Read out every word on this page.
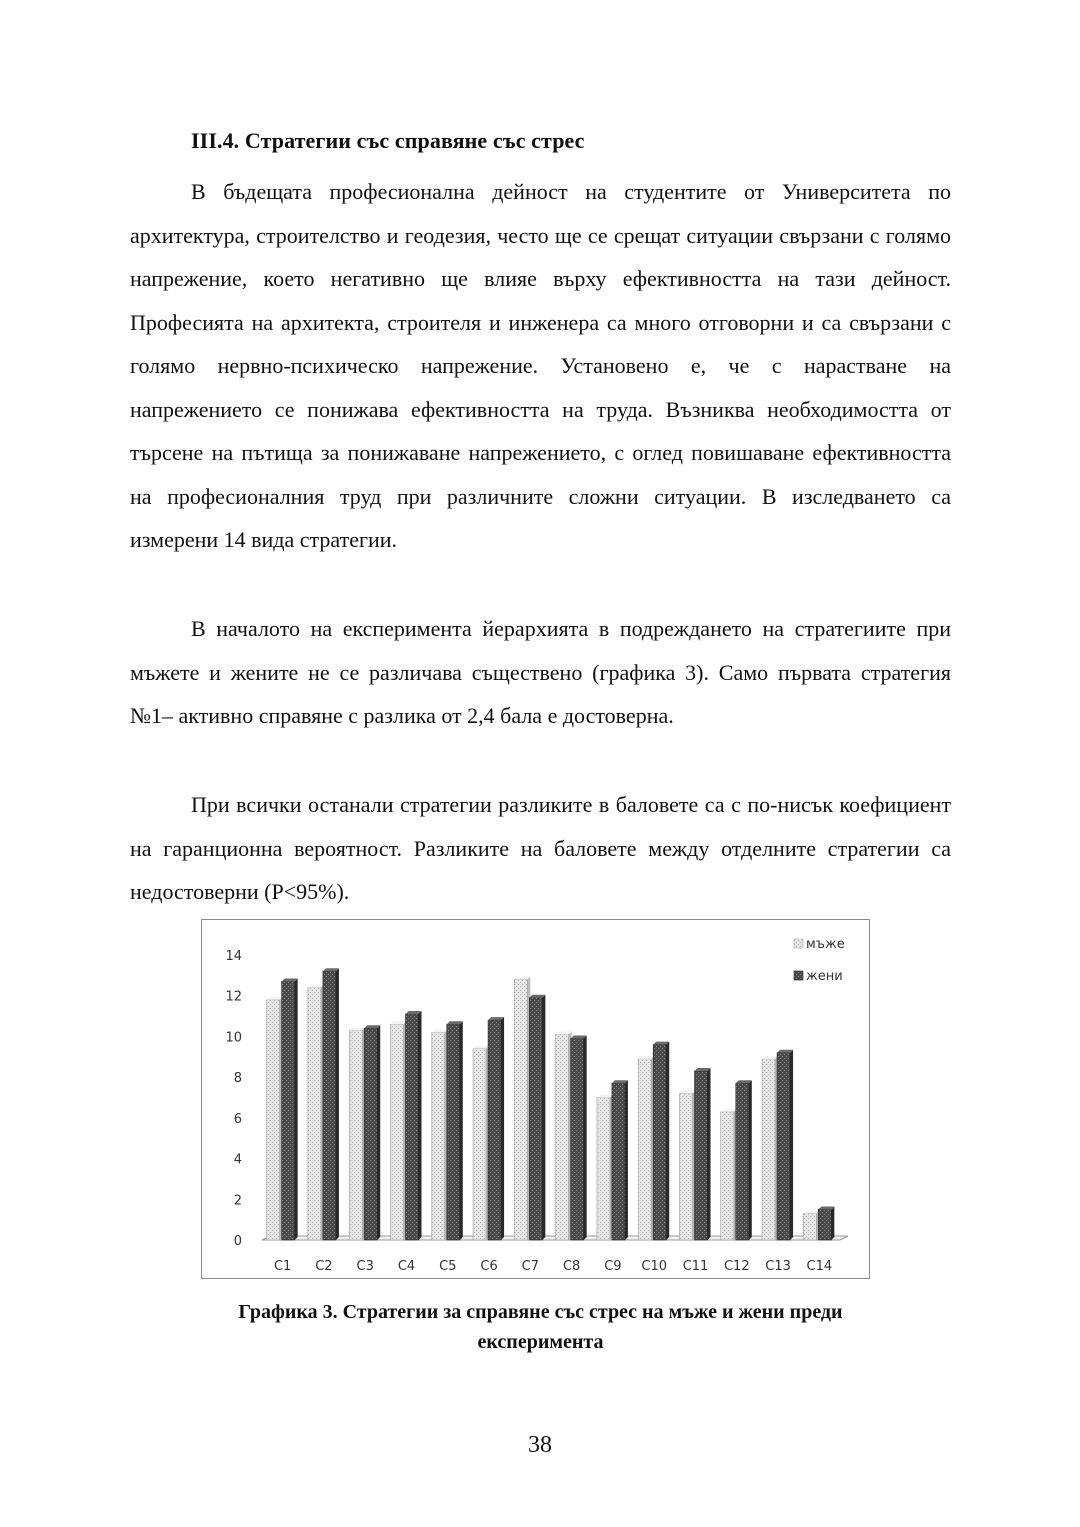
III.4. Стратегии със справяне със стрес

В бъдещата професионална дейност на студентите от Университета по архитектура, строителство и геодезия, често ще се срещат ситуации свързани с голямо напрежение, което негативно ще влияе върху ефективността на тази дейност. Професията на архитекта, строителя и инженера са много отговорни и са свързани с голямо нервно-психическо напрежение. Установено е, че с нарастване на напрежението се понижава ефективността на труда. Възниква необходимостта от търсене на пътища за понижаване напрежението, с оглед повишаване ефективността на професионалния труд при различните сложни ситуации. В изследването са измерени 14 вида стратегии.

В началото на експеримента йерархията в подреждането на стратегиите при мъжете и жените не се различава съществено (графика 3). Само първата стратегия №1– активно справяне с разлика от 2,4 бала е достоверна.

При всички останали стратегии разликите в баловете са с по-нисък коефициент на гаранционна вероятност. Разликите на баловете между отделните стратегии са недостоверни (P<95%).

0
2
4
6
8
10
12
14
C1 C2 C3 C4 C5 C6 C7 C8 C9 C10 C11 C12 C13 C14
мъже
жени
Графика 3. Стратегии за справяне със стрес на мъже и жени преди
експеримента
38
